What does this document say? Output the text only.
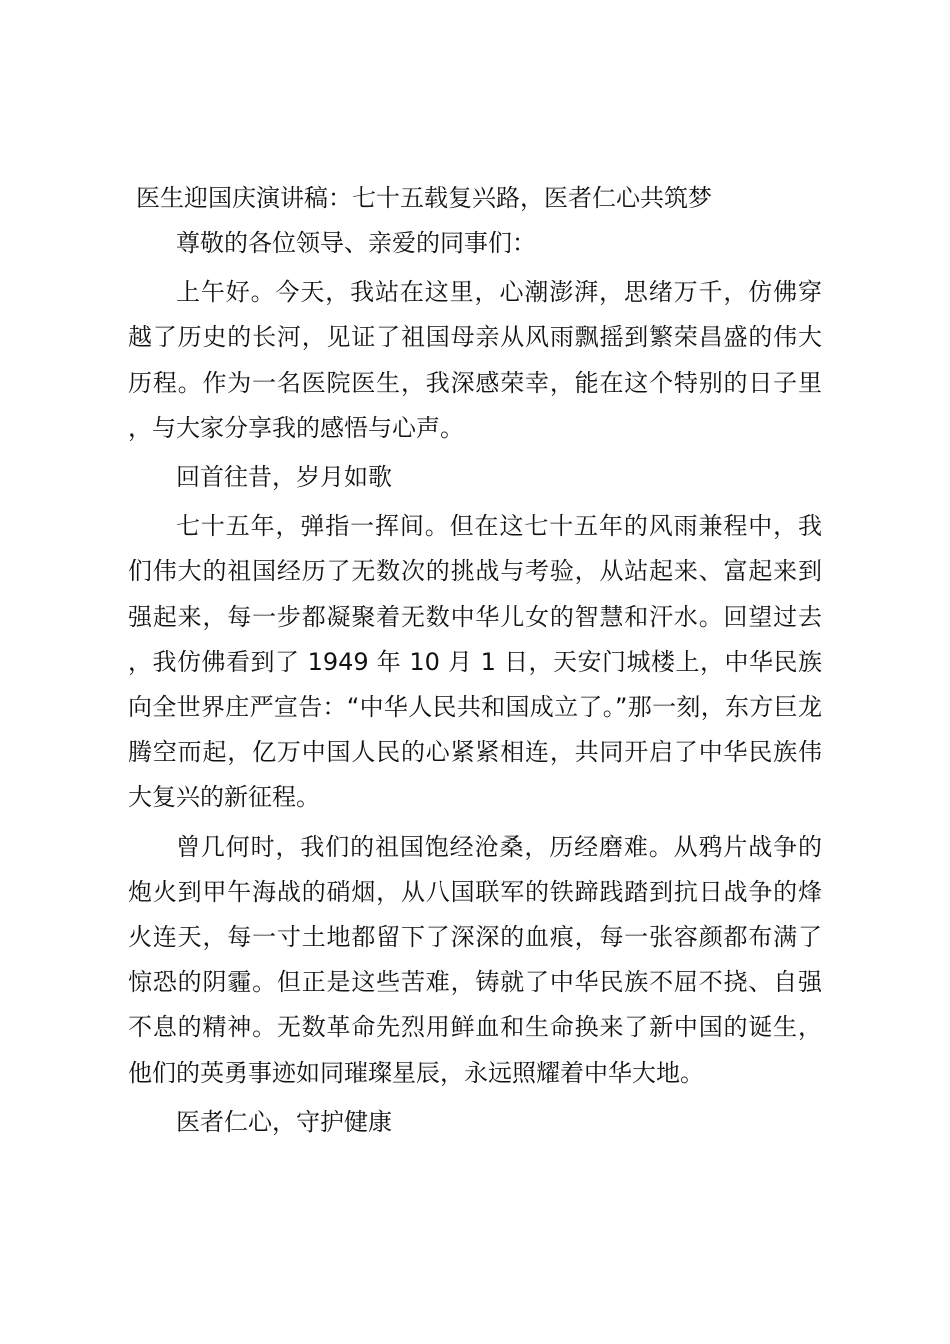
医生迎国庆演讲稿：七十五载复兴路，医者仁心共筑梦
尊敬的各位领导、亲爱的同事们：

上午好。今天，我站在这里，心潮澎湃，思绪万千，仿佛穿越了历史的长河，见证了祖国母亲从风雨飘摇到繁荣昌盛的伟大历程。作为一名医院医生，我深感荣幸，能在这个特别的日子里，与大家分享我的感悟与心声。

回首往昔，岁月如歌

七十五年，弹指一挥间。但在这七十五年的风雨兼程中，我们伟大的祖国经历了无数次的挑战与考验，从站起来、富起来到强起来，每一步都凝聚着无数中华儿女的智慧和汗水。回望过去，我仿佛看到了 1949 年 10 月 1 日，天安门城楼上，中华民族向全世界庄严宣告：“中华人民共和国成立了。”那一刻，东方巨龙腾空而起，亿万中国人民的心紧紧相连，共同开启了中华民族伟大复兴的新征程。

曾几何时，我们的祖国饱经沧桑，历经磨难。从鸦片战争的炮火到甲午海战的硝烟，从八国联军的铁蹄践踏到抗日战争的烽火连天，每一寸土地都留下了深深的血痕，每一张容颜都布满了惊恐的阴霾。但正是这些苦难，铸就了中华民族不屈不挠、自强不息的精神。无数革命先烈用鲜血和生命换来了新中国的诞生，他们的英勇事迹如同璀璨星辰，永远照耀着中华大地。

医者仁心，守护健康
